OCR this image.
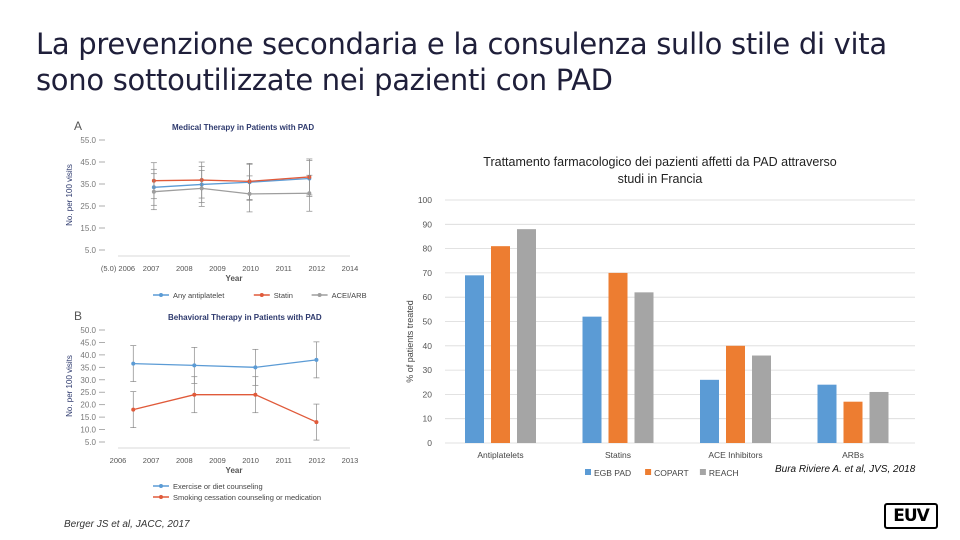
La prevenzione secondaria e la consulenza sullo stile di vita sono sottoutilizzate nei pazienti con PAD
A	Medical Therapy in Patients with PAD
5.0
15.0
25.0
35.0
45.0
55.0
(5.0) 2006 2007 2008 2009 2010 2011 2012 2014
Year
No. per 100 visits
Any antiplatelet	Statin	ACEI/ARB
B	Behavioral Therapy in Patients with PAD
5.0
10.0
15.0
20.0
25.0
30.0
35.0
40.0
45.0
50.0
2006 2007 2008 2009 2010 2011 2012 2013
Year
No. per 100 visits
Exercise or diet counseling
Smoking cessation counseling or medication
Trattamento farmacologico dei pazienti affetti da PAD attraverso
studi in Francia
0
10
20
30
40
50
60
70
80
90
100
% of patients treated
Antiplatelets	Statins	ACE Inhibitors	ARBs
EGB PAD	COPART REACH
Berger JS et al, JACC, 2017
Bura Riviere A. et al, JVS, 2018
EUV
